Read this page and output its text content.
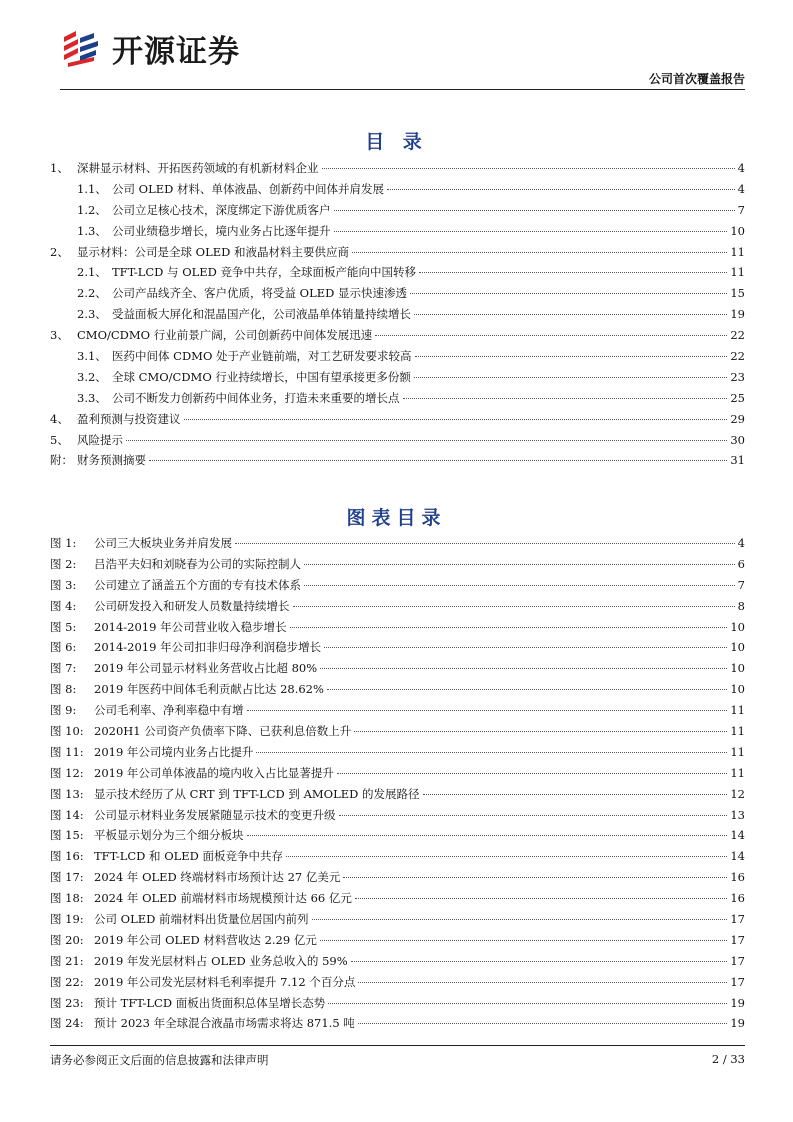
开源证券
公司首次覆盖报告
目 录
1、 深耕显示材料、开拓医药领域的有机新材料企业	4
1.1、 公司 OLED 材料、单体液晶、创新药中间体并肩发展	4
1.2、 公司立足核心技术，深度绑定下游优质客户	7
1.3、 公司业绩稳步增长，境内业务占比逐年提升	10
2、 显示材料：公司是全球 OLED 和液晶材料主要供应商	11
2.1、 TFT-LCD 与 OLED 竞争中共存，全球面板产能向中国转移	11
2.2、 公司产品线齐全、客户优质，将受益 OLED 显示快速渗透	15
2.3、 受益面板大屏化和混晶国产化，公司液晶单体销量持续增长	19
3、 CMO/CDMO 行业前景广阔，公司创新药中间体发展迅速	22
3.1、 医药中间体 CDMO 处于产业链前端，对工艺研发要求较高	22
3.2、 全球 CMO/CDMO 行业持续增长，中国有望承接更多份额	23
3.3、 公司不断发力创新药中间体业务，打造未来重要的增长点	25
4、 盈利预测与投资建议	29
5、 风险提示	30
附： 财务预测摘要	31
图表目录
图 1:	公司三大板块业务并肩发展	4
图 2:	吕浩平夫妇和刘晓春为公司的实际控制人	6
图 3:	公司建立了涵盖五个方面的专有技术体系	7
图 4:	公司研发投入和研发人员数量持续增长	8
图 5:	2014-2019 年公司营业收入稳步增长	10
图 6:	2014-2019 年公司扣非归母净利润稳步增长	10
图 7:	2019 年公司显示材料业务营收占比超 80%	10
图 8:	2019 年医药中间体毛利贡献占比达 28.62%	10
图 9:	公司毛利率、净利率稳中有增	11
图 10: 2020H1 公司资产负债率下降、已获利息倍数上升	11
图 11: 2019 年公司境内业务占比提升	11
图 12: 2019 年公司单体液晶的境内收入占比显著提升	11
图 13: 显示技术经历了从 CRT 到 TFT-LCD 到 AMOLED 的发展路径	12
图 14: 公司显示材料业务发展紧随显示技术的变更升级	13
图 15: 平板显示划分为三个细分板块	14
图 16: TFT-LCD 和 OLED 面板竞争中共存	14
图 17: 2024 年 OLED 终端材料市场预计达 27 亿美元	16
图 18: 2024 年 OLED 前端材料市场规模预计达 66 亿元	16
图 19: 公司 OLED 前端材料出货量位居国内前列	17
图 20: 2019 年公司 OLED 材料营收达 2.29 亿元	17
图 21: 2019 年发光层材料占 OLED 业务总收入的 59%	17
图 22: 2019 年公司发光层材料毛利率提升 7.12 个百分点	17
图 23: 预计 TFT-LCD 面板出货面积总体呈增长态势	19
图 24: 预计 2023 年全球混合液晶市场需求将达 871.5 吨	19
请务必参阅正文后面的信息披露和法律声明	2 / 33
